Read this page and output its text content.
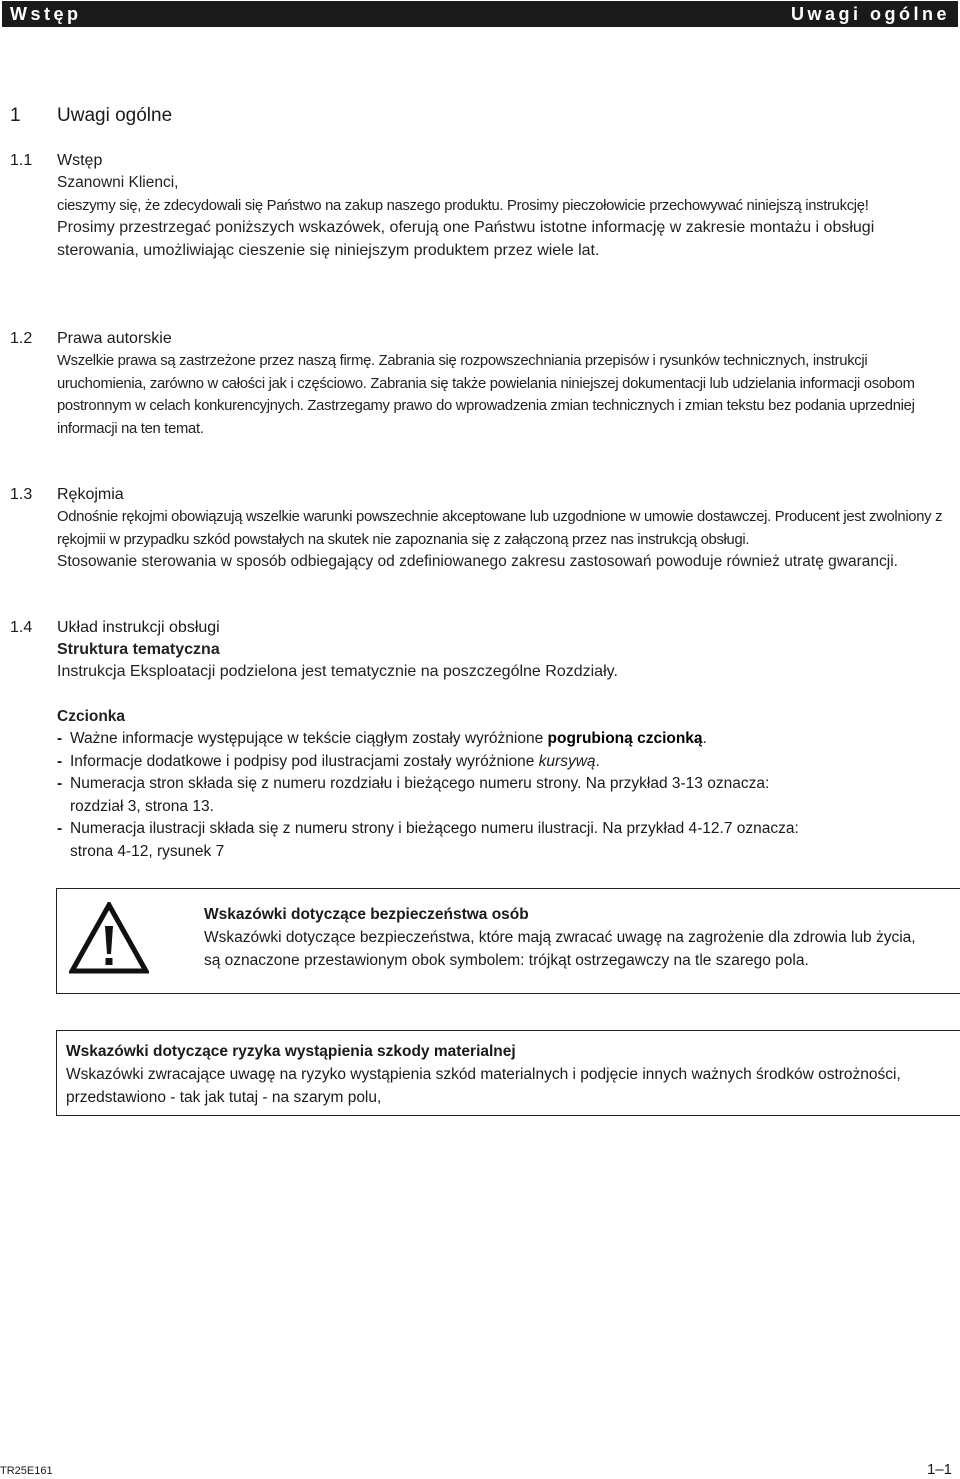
Wstęp	Uwagi ogólne
1 Uwagi ogólne
1.1 Wstęp

Szanowni Klienci,

cieszymy się, że zdecydowali się Państwo na zakup naszego produktu. Prosimy pieczołowicie przechowywać niniejszą instrukcję!

Prosimy przestrzegać poniższych wskazówek, oferują one Państwu istotne informację w zakresie montażu i obsługi sterowania, umożliwiając cieszenie się niniejszym produktem przez wiele lat.

1.2 Prawa autorskie

Wszelkie prawa są zastrzeżone przez naszą firmę. Zabrania się rozpowszechniania przepisów i rysunków technicznych, instrukcji uruchomienia, zarówno w całości jak i częściowo. Zabrania się także powielania niniejszej dokumentacji lub udzielania informacji osobom postronnym w celach konkurencyjnych. Zastrzegamy prawo do wprowadzenia zmian technicznych i zmian tekstu bez podania uprzedniej informacji na ten temat.

1.3 Rękojmia

Odnośnie rękojmi obowiązują wszelkie warunki powszechnie akceptowane lub uzgodnione w umowie dostawczej. Producent jest zwolniony z rękojmii w przypadku szkód powstałych na skutek nie zapoznania się z załączoną przez nas instrukcją obsługi.

Stosowanie sterowania w sposób odbiegający od zdefiniowanego zakresu zastosowań powoduje również utratę gwarancji.

1.4 Układ instrukcji obsługi

Struktura tematyczna

Instrukcja Eksploatacji podzielona jest tematycznie na poszczególne Rozdziały.

Czcionka

- Ważne informacje występujące w tekście ciągłym zostały wyróżnione pogrubioną czcionką.
- Informacje dodatkowe i podpisy pod ilustracjami zostały wyróżnione kursywą.
- Numeracja stron składa się z numeru rozdziału i bieżącego numeru strony. Na przykład 3-13 oznacza:
rozdział 3, strona 13.
- Numeracja ilustracji składa się z numeru strony i bieżącego numeru ilustracji. Na przykład 4-12.7 oznacza:
strona 4-12, rysunek 7

Wskazówki dotyczące bezpieczeństwa osób

Wskazówki dotyczące bezpieczeństwa, które mają zwracać uwagę na zagrożenie dla zdrowia lub życia,

są oznaczone przestawionym obok symbolem: trójkąt ostrzegawczy na tle szarego pola.

Wskazówki dotyczące ryzyka wystąpienia szkody materialnej

Wskazówki zwracające uwagę na ryzyko wystąpienia szkód materialnych i podjęcie innych ważnych środków ostrożności,

przedstawiono - tak jak tutaj - na szarym polu,

TR25E161	1–1
